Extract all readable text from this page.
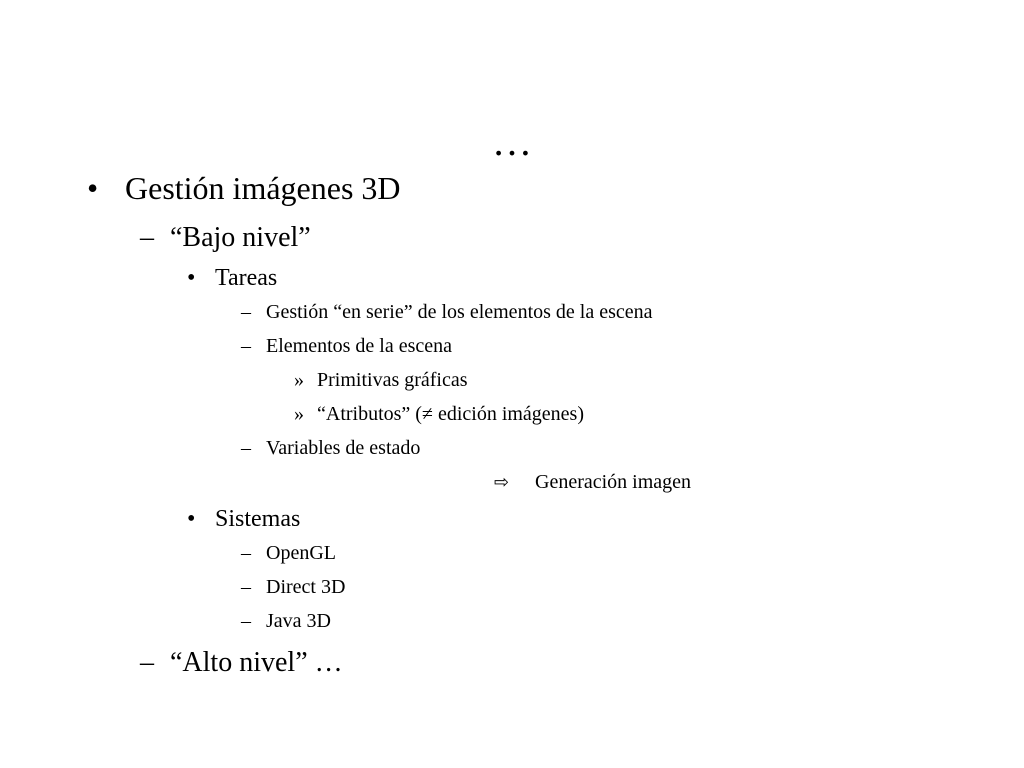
…
• Gestión imágenes 3D
– “Bajo nivel”
• Tareas
– Gestión “en serie” de los elementos de la escena
– Elementos de la escena
» Primitivas gráficas
» “Atributos” (≠ edición imágenes)
– Variables de estado
⇨ Generación imagen
• Sistemas
– OpenGL
– Direct 3D
– Java 3D
– “Alto nivel” …
